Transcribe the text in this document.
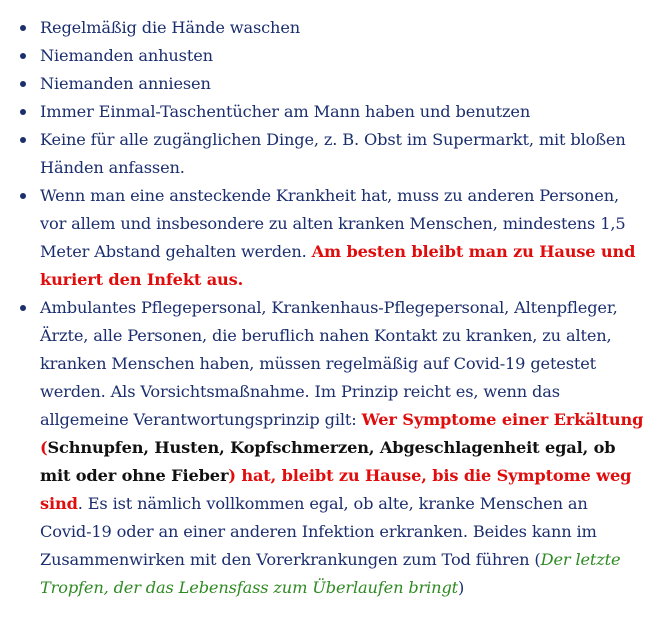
Regelmäßig die Hände waschen
Niemanden anhusten
Niemanden anniesen
Immer Einmal-Taschentücher am Mann haben und benutzen
Keine für alle zugänglichen Dinge, z. B. Obst im Supermarkt, mit bloßen Händen anfassen.
Wenn man eine ansteckende Krankheit hat, muss zu anderen Personen, vor allem und insbesondere zu alten kranken Menschen, mindestens 1,5 Meter Abstand gehalten werden. Am besten bleibt man zu Hause und kuriert den Infekt aus.
Ambulantes Pflegepersonal, Krankenhaus-Pflegepersonal, Altenpfleger, Ärzte, alle Personen, die beruflich nahen Kontakt zu kranken, zu alten, kranken Menschen haben, müssen regelmäßig auf Covid-19 getestet werden. Als Vorsichtsmaßnahme. Im Prinzip reicht es, wenn das allgemeine Verantwortungsprinzip gilt: Wer Symptome einer Erkältung (Schnupfen, Husten, Kopfschmerzen, Abgeschlagenheit egal, ob mit oder ohne Fieber) hat, bleibt zu Hause, bis die Symptome weg sind. Es ist nämlich vollkommen egal, ob alte, kranke Menschen an Covid-19 oder an einer anderen Infektion erkranken. Beides kann im Zusammenwirken mit den Vorerkrankungen zum Tod führen (Der letzte Tropfen, der das Lebensfass zum Überlaufen bringt)
